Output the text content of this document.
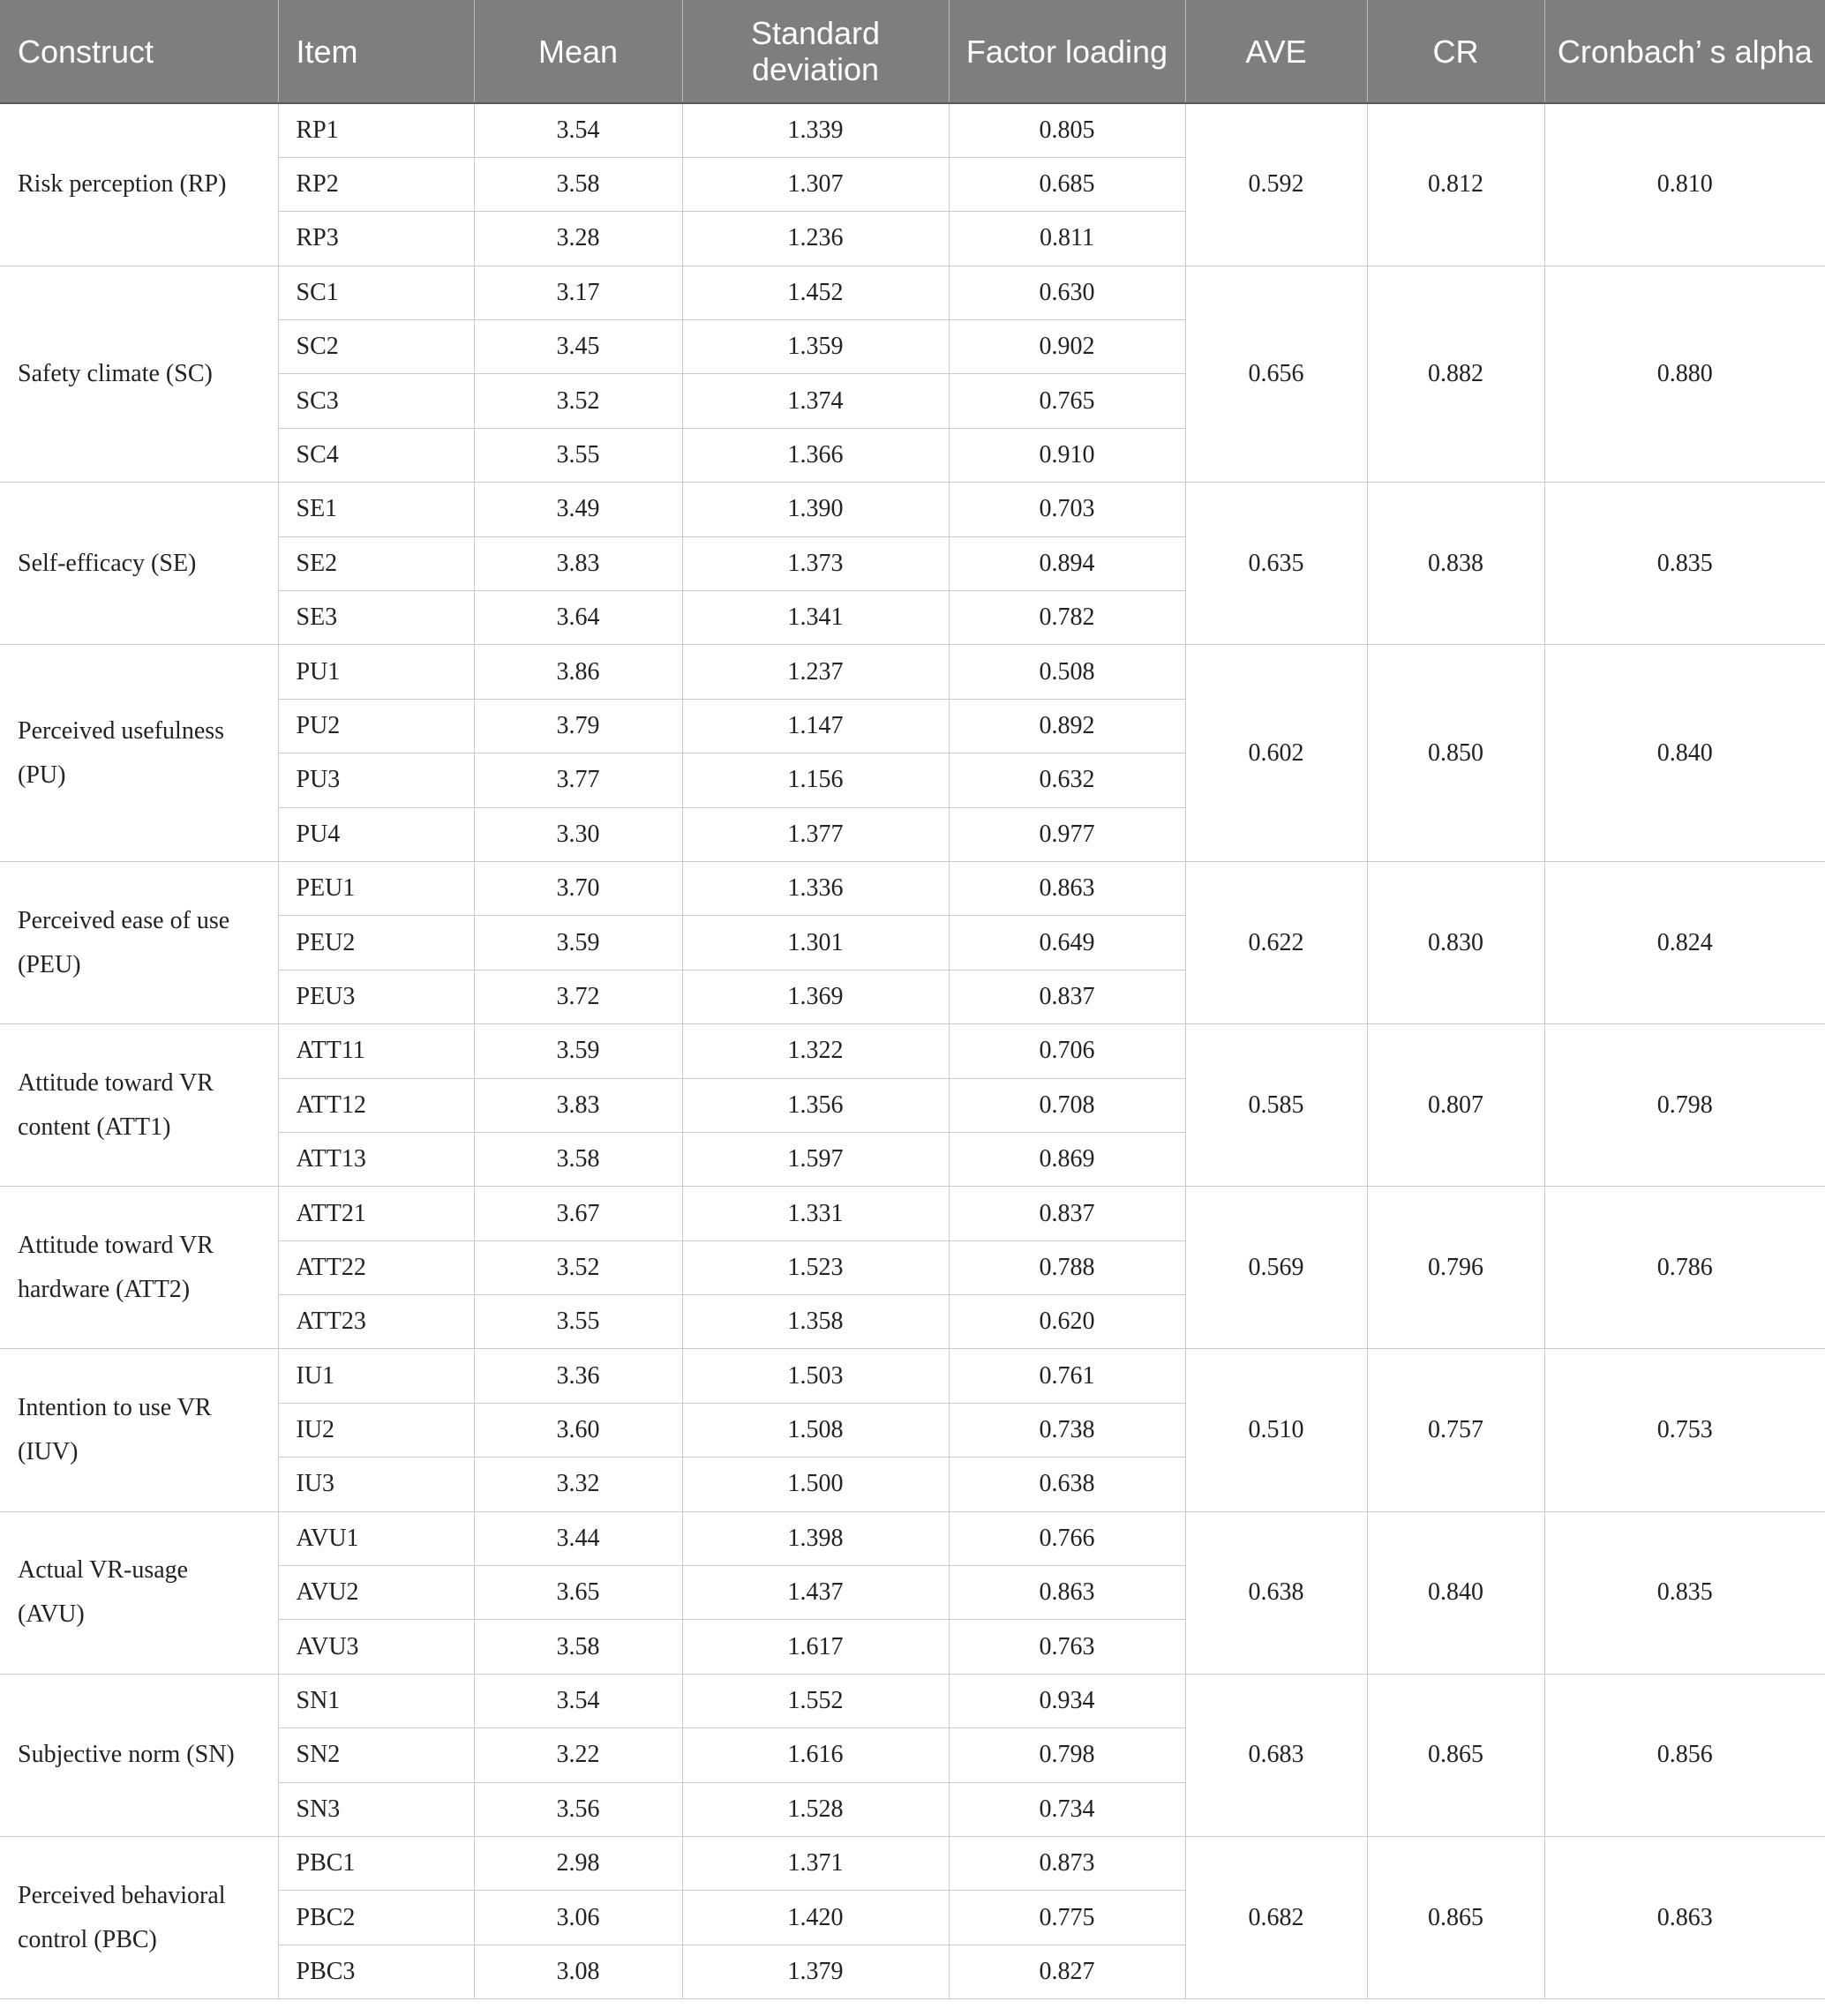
Construct	Item	Mean	Standard deviation	Factor loading	AVE	CR	Cronbach’ s alpha
Risk perception (RP)	RP1	3.54	1.339	0.805	0.592	0.812	0.810
	RP2	3.58	1.307	0.685			
	RP3	3.28	1.236	0.811			
Safety climate (SC)	SC1	3.17	1.452	0.630	0.656	0.882	0.880
	SC2	3.45	1.359	0.902			
	SC3	3.52	1.374	0.765			
	SC4	3.55	1.366	0.910			
Self-efficacy (SE)	SE1	3.49	1.390	0.703	0.635	0.838	0.835
	SE2	3.83	1.373	0.894			
	SE3	3.64	1.341	0.782			
Perceived usefulness (PU)	PU1	3.86	1.237	0.508	0.602	0.850	0.840
	PU2	3.79	1.147	0.892			
	PU3	3.77	1.156	0.632			
	PU4	3.30	1.377	0.977			
Perceived ease of use (PEU)	PEU1	3.70	1.336	0.863	0.622	0.830	0.824
	PEU2	3.59	1.301	0.649			
	PEU3	3.72	1.369	0.837			
Attitude toward VR content (ATT1)	ATT11	3.59	1.322	0.706	0.585	0.807	0.798
	ATT12	3.83	1.356	0.708			
	ATT13	3.58	1.597	0.869			
Attitude toward VR hardware (ATT2)	ATT21	3.67	1.331	0.837	0.569	0.796	0.786
	ATT22	3.52	1.523	0.788			
	ATT23	3.55	1.358	0.620			
Intention to use VR (IUV)	IU1	3.36	1.503	0.761	0.510	0.757	0.753
	IU2	3.60	1.508	0.738			
	IU3	3.32	1.500	0.638			
Actual VR-usage (AVU)	AVU1	3.44	1.398	0.766	0.638	0.840	0.835
	AVU2	3.65	1.437	0.863			
	AVU3	3.58	1.617	0.763			
Subjective norm (SN)	SN1	3.54	1.552	0.934	0.683	0.865	0.856
	SN2	3.22	1.616	0.798			
	SN3	3.56	1.528	0.734			
Perceived behavioral control (PBC)	PBC1	2.98	1.371	0.873	0.682	0.865	0.863
	PBC2	3.06	1.420	0.775			
	PBC3	3.08	1.379	0.827			
